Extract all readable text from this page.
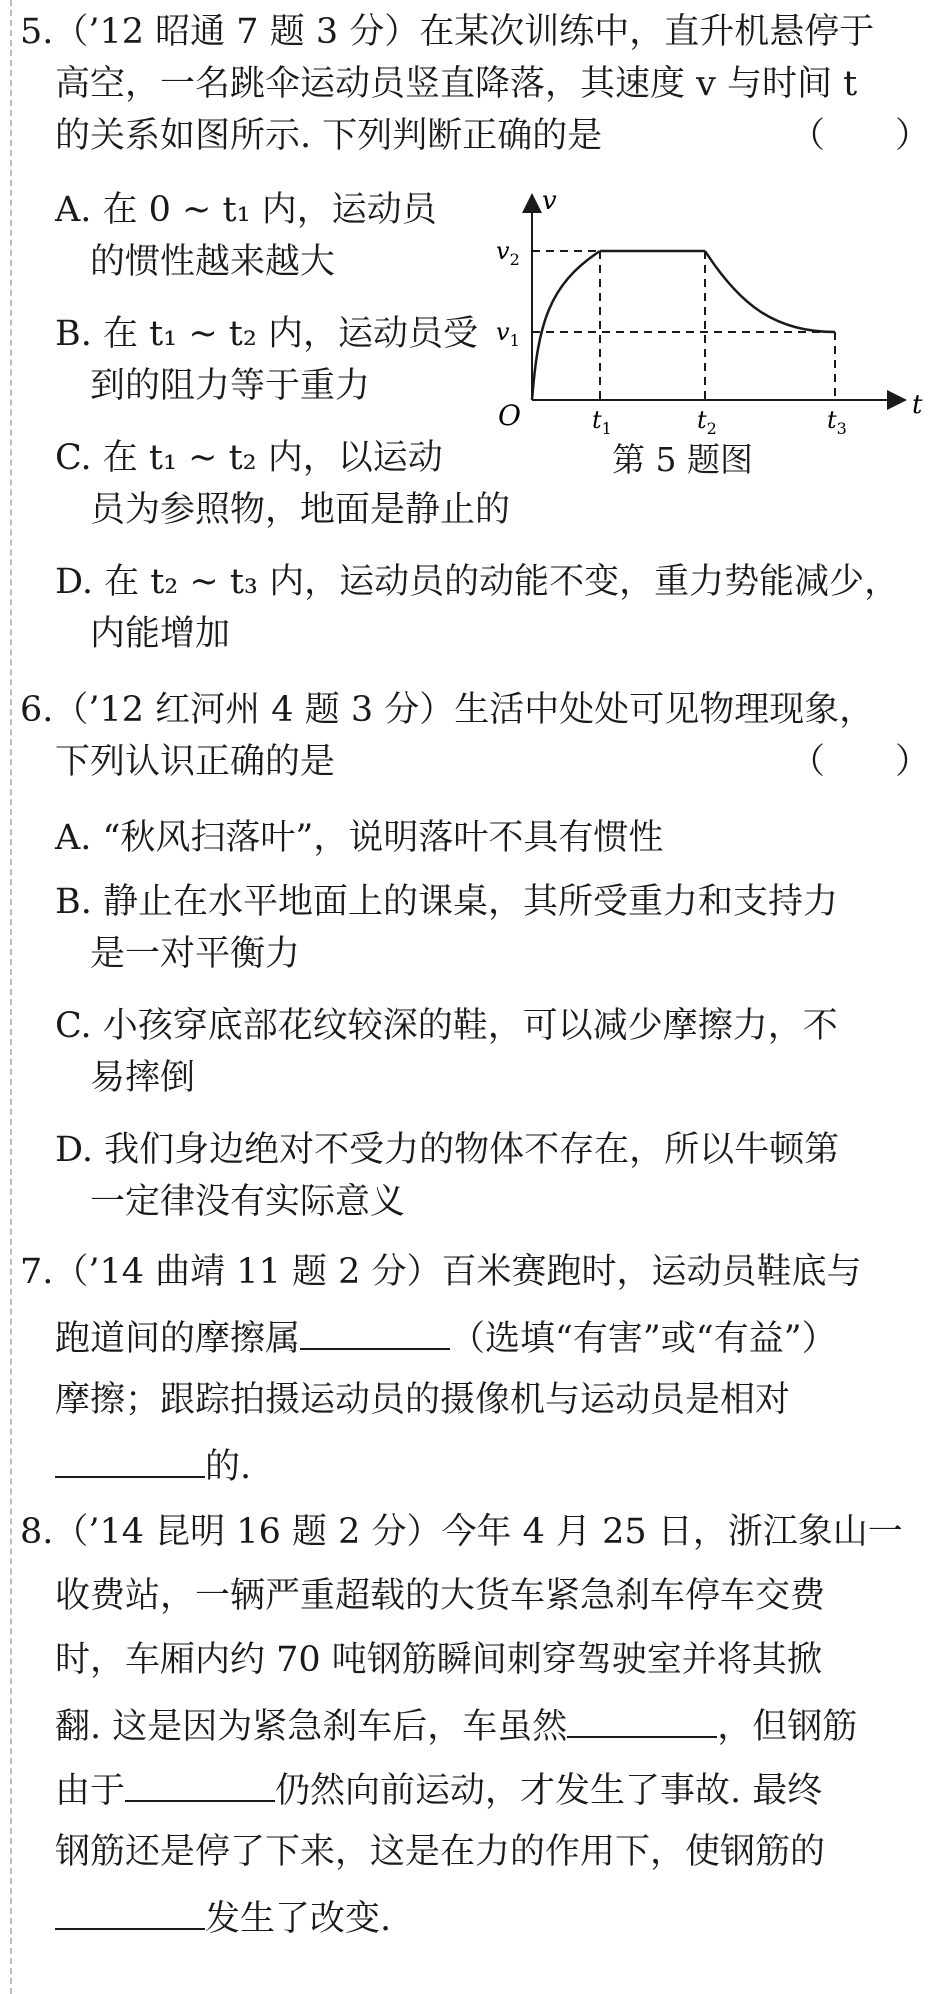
5.（’12 昭通 7 题 3 分）在某次训练中，直升机悬停于
高空，一名跳伞运动员竖直降落，其速度 v 与时间 t
的关系如图所示. 下列判断正确的是	（　　）
A. 在 0 ~ t₁ 内，运动员
的惯性越来越大
B. 在 t₁ ~ t₂ 内，运动员受
到的阻力等于重力
C. 在 t₁ ~ t₂ 内，以运动
员为参照物，地面是静止的
D. 在 t₂ ~ t₃ 内，运动员的动能不变，重力势能减少，
内能增加
v
t
O
$v_2$
$v_1$
$t_1$	$t_2$	$t_3$
第 5 题图
6.（’12 红河州 4 题 3 分）生活中处处可见物理现象，
下列认识正确的是	（　　）
A. “秋风扫落叶”，说明落叶不具有惯性
B. 静止在水平地面上的课桌，其所受重力和支持力
是一对平衡力
C. 小孩穿底部花纹较深的鞋，可以减少摩擦力，不
易摔倒
D. 我们身边绝对不受力的物体不存在，所以牛顿第
一定律没有实际意义
7.（’14 曲靖 11 题 2 分）百米赛跑时，运动员鞋底与
跑道间的摩擦属	（选填“有害”或“有益”）
摩擦；跟踪拍摄运动员的摄像机与运动员是相对
的.
8.（’14 昆明 16 题 2 分）今年 4 月 25 日，浙江象山一
收费站，一辆严重超载的大货车紧急刹车停车交费
时，车厢内约 70 吨钢筋瞬间刺穿驾驶室并将其掀
翻. 这是因为紧急刹车后，车虽然	，但钢筋
由于	仍然向前运动，才发生了事故. 最终
钢筋还是停了下来，这是在力的作用下，使钢筋的
发生了改变.
